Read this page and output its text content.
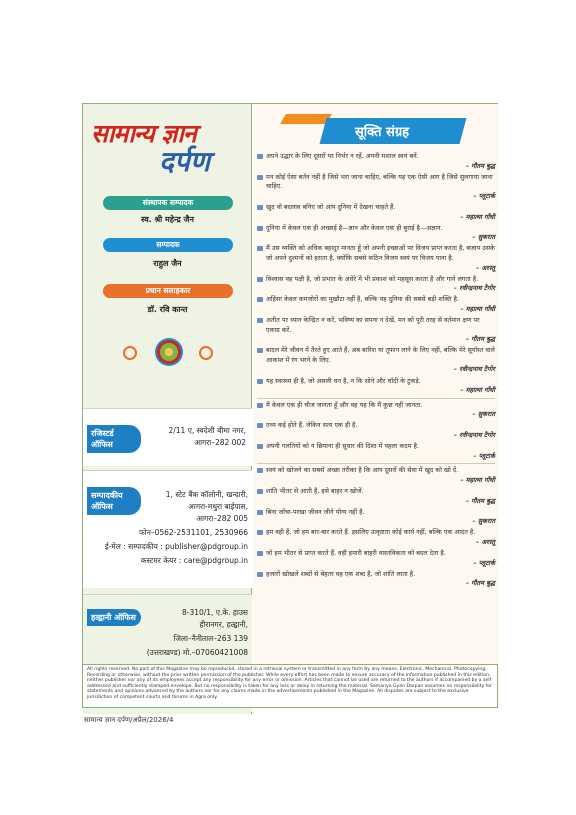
सामान्य ज्ञान
दर्पण
संस्थापक सम्पादक
स्व. श्री महेन्द्र जैन
सम्पादक
राहुल जैन
प्रधान सलाहकार
डॉ. रवि कान्त
रजिस्टर्ड ऑफिस
2/11 ए, स्वदेशी बीमा नगर,
आगरा–282 002
सम्पादकीय ऑफिस
1, स्टेट बैंक कॉलोनी, खन्दारी,
आगरा-मथुरा बाईपास,
आगरा–282 005
फोन–0562-2531101, 2530966
ई-मेल : सम्पादकीय : publisher@pdgroup.in
कस्टमर केयर : care@pdgroup.in
हल्द्वानी ऑफिस
8-310/1, ए.के. हाउस
हीरानगर, हल्द्वानी,
जिला–नैनीताल–263 139
(उत्तराखण्ड) मो.–07060421008
सूक्ति संग्रह
अपने उद्धार के लिए दूसरों पर निर्भर न रहें, अपनी मशाल स्वयं बनें.
– गौतम बुद्ध
मन कोई ऐसा बर्तन नहीं है जिसे भरा जाना चाहिए, बल्कि यह एक ऐसी आग है जिसे सुलगाया जाना चाहिए.
– प्लूटार्क
खुद वो बदलाव बनिए जो आप दुनिया में देखना चाहते हैं.
– महात्मा गाँधी
दुनिया में केवल एक ही अच्छाई है—ज्ञान और केवल एक ही बुराई है—अज्ञान.
– सुकरात
मैं उस व्यक्ति को अधिक बहादुर मानता हूँ जो अपनी इच्छाओं पर विजय प्राप्त करता है, बजाय उसके जो अपने दुश्मनों को हराता है, क्योंकि सबसे कठिन विजय स्वयं पर विजय पाना है.
– अरस्तू
विश्वास वह पक्षी है, जो प्रभात के अंधेरे में भी प्रकाश को महसूस करता है और गाने लगता है.
– रवीन्द्रनाथ टैगोर
अहिंसा केवल कमजोरों का मुखौटा नहीं है, बल्कि यह दुनिया की सबसे बड़ी शक्ति है.
– महात्मा गाँधी
अतीत पर ध्यान केन्द्रित न करें, भविष्य का सपना न देखें, मन को पूरी तरह से वर्तमान क्षण पर एकाग्र करें.
– गौतम बुद्ध
बादल मेरे जीवन में तैरते हुए आते हैं, अब बारिश या तूफान लाने के लिए नहीं, बल्कि मेरे सूर्यास्त वाले आकाश में रंग भरने के लिए.
– रवीन्द्रनाथ टैगोर
यह स्वास्थ्य ही है, जो असली धन है, न कि सोने और चाँदी के टुकड़े.
– महात्मा गाँधी
मैं केवल एक ही चीज जानता हूँ और वह यह कि मैं कुछ नहीं जानता.
– सुकरात
तथ्य कई होते हैं, लेकिन सत्य एक ही है.
– रवीन्द्रनाथ टैगोर
अपनी गलतियों को न छिपाना ही सुधार की दिशा में पहला कदम है.
– प्लूटार्क
स्वयं को खोजने का सबसे अच्छा तरीका है कि आप दूसरों की सेवा में खुद को खो दें.
– महात्मा गाँधी
शांति भीतर से आती है, इसे बाहर न खोजें.
– गौतम बुद्ध
बिना जाँचा-परखा जीवन जीने योग्य नहीं है.
– सुकरात
हम वही हैं, जो हम बार-बार करते हैं. इसलिए उत्कृष्टता कोई कार्य नहीं, बल्कि एक आदत है.
– अरस्तू
जो हम भीतर से प्राप्त करते हैं, वही हमारी बाहरी वास्तविकता को बदल देता है.
– प्लूटार्क
हजारों खोखले शब्दों से बेहतर वह एक शब्द है, जो शांति लाता है.
– गौतम बुद्ध
All rights reserved. No part of this Magazine may be reproduced, stored in a retrieval system or transmitted in any form by any means, Electronic, Mechanical, Photocopying, Recording or otherwise, without the prior written permission of the publisher. While every effort has been made to ensure accuracy of the information published in this edition, neither publisher nor any of its employees accept any responsibility for any error or omission. Articles that cannot be used are returned to the authors if accompanied by a self addressed and sufficiently stamped envelope. But no responsibility is taken for any loss or delay in returning the material. Samanya Gyan Darpan assumes no responsibility for statements and opinions advanced by the authors nor for any claims made in the advertisements published in the Magazine. All disputes are subject to the exclusive jurisdiction of competent courts and forums in Agra only.
सामान्य ज्ञान दर्पण/अप्रैल/2026/4
